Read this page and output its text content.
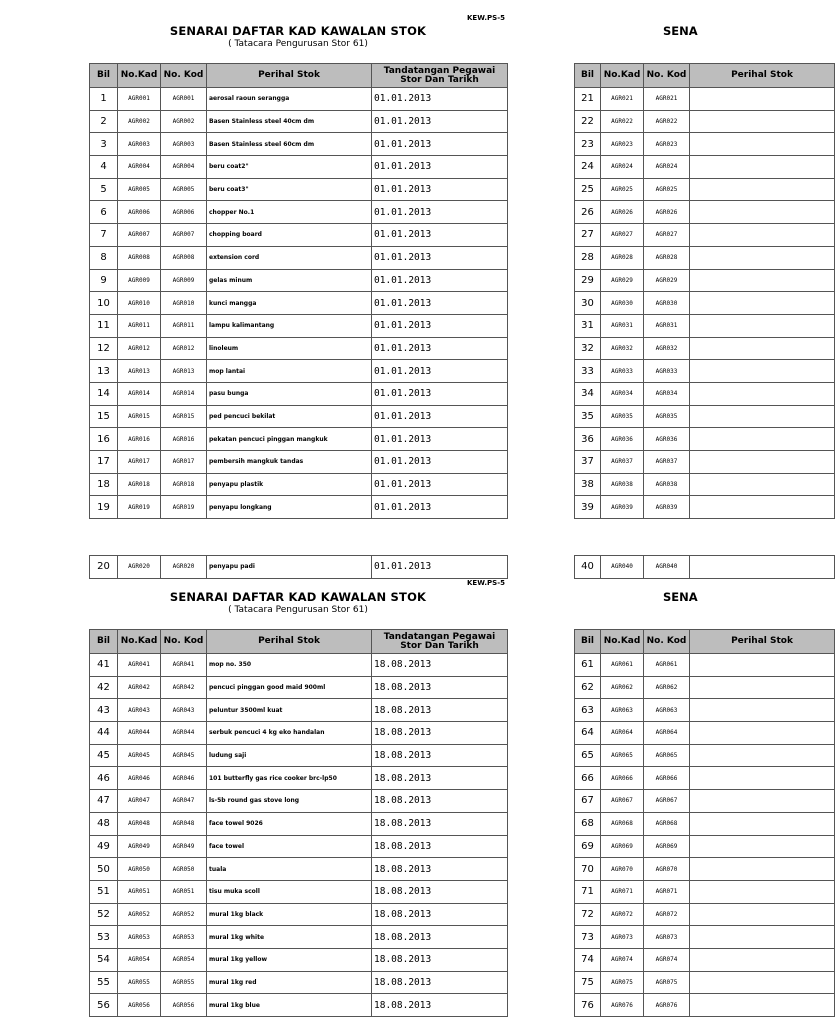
KEW.PS-5
SENARAI DAFTAR KAD KAWALAN STOK
( Tatacara Pengurusan Stor 61)
SENA
Bil	No.Kad	No. Kod	Perihal Stok	Tandatangan Pegawai
Stor Dan Tarikh
1	AGR001	AGR001	aerosal raoun serangga	01.01.2013
2	AGR002	AGR002	Basen Stainless steel 40cm dm	01.01.2013
3	AGR003	AGR003	Basen Stainless steel 60cm dm	01.01.2013
4	AGR004	AGR004	beru coat2"	01.01.2013
5	AGR005	AGR005	beru coat3"	01.01.2013
6	AGR006	AGR006	chopper No.1	01.01.2013
7	AGR007	AGR007	chopping board	01.01.2013
8	AGR008	AGR008	extension cord	01.01.2013
9	AGR009	AGR009	gelas minum	01.01.2013
10	AGR010	AGR010	kunci mangga	01.01.2013
11	AGR011	AGR011	lampu kalimantang	01.01.2013
12	AGR012	AGR012	linoleum	01.01.2013
13	AGR013	AGR013	mop lantai	01.01.2013
14	AGR014	AGR014	pasu bunga	01.01.2013
15	AGR015	AGR015	ped pencuci bekilat	01.01.2013
16	AGR016	AGR016	pekatan pencuci pinggan mangkuk	01.01.2013
17	AGR017	AGR017	pembersih mangkuk tandas	01.01.2013
18	AGR018	AGR018	penyapu plastik	01.01.2013
19	AGR019	AGR019	penyapu longkang	01.01.2013
20	AGR020	AGR020	penyapu padi	01.01.2013
Bil	No.Kad	No. Kod	Perihal Stok
21	AGR021	AGR021	
22	AGR022	AGR022	
23	AGR023	AGR023	
24	AGR024	AGR024	
25	AGR025	AGR025	
26	AGR026	AGR026	
27	AGR027	AGR027	
28	AGR028	AGR028	
29	AGR029	AGR029	
30	AGR030	AGR030	
31	AGR031	AGR031	
32	AGR032	AGR032	
33	AGR033	AGR033	
34	AGR034	AGR034	
35	AGR035	AGR035	
36	AGR036	AGR036	
37	AGR037	AGR037	
38	AGR038	AGR038	
39	AGR039	AGR039	
40	AGR040	AGR040	
KEW.PS-5
SENARAI DAFTAR KAD KAWALAN STOK
( Tatacara Pengurusan Stor 61)
SENA
Bil	No.Kad	No. Kod	Perihal Stok	Tandatangan Pegawai
Stor Dan Tarikh
41	AGR041	AGR041	mop no. 350	18.08.2013
42	AGR042	AGR042	pencuci pinggan good maid 900ml	18.08.2013
43	AGR043	AGR043	peluntur 3500ml kuat	18.08.2013
44	AGR044	AGR044	serbuk pencuci 4 kg eko handalan	18.08.2013
45	AGR045	AGR045	ludung saji	18.08.2013
46	AGR046	AGR046	101 butterfly gas rice cooker brc-lp50	18.08.2013
47	AGR047	AGR047	ls-5b round gas stove long	18.08.2013
48	AGR048	AGR048	face towel 9026	18.08.2013
49	AGR049	AGR049	face towel	18.08.2013
50	AGR050	AGR050	tuala	18.08.2013
51	AGR051	AGR051	tisu muka scoll	18.08.2013
52	AGR052	AGR052	mural 1kg black	18.08.2013
53	AGR053	AGR053	mural 1kg white	18.08.2013
54	AGR054	AGR054	mural 1kg yellow	18.08.2013
55	AGR055	AGR055	mural 1kg red	18.08.2013
56	AGR056	AGR056	mural 1kg blue	18.08.2013
Bil	No.Kad	No. Kod	Perihal Stok
61	AGR061	AGR061	
62	AGR062	AGR062	
63	AGR063	AGR063	
64	AGR064	AGR064	
65	AGR065	AGR065	
66	AGR066	AGR066	
67	AGR067	AGR067	
68	AGR068	AGR068	
69	AGR069	AGR069	
70	AGR070	AGR070	
71	AGR071	AGR071	
72	AGR072	AGR072	
73	AGR073	AGR073	
74	AGR074	AGR074	
75	AGR075	AGR075	
76	AGR076	AGR076	
